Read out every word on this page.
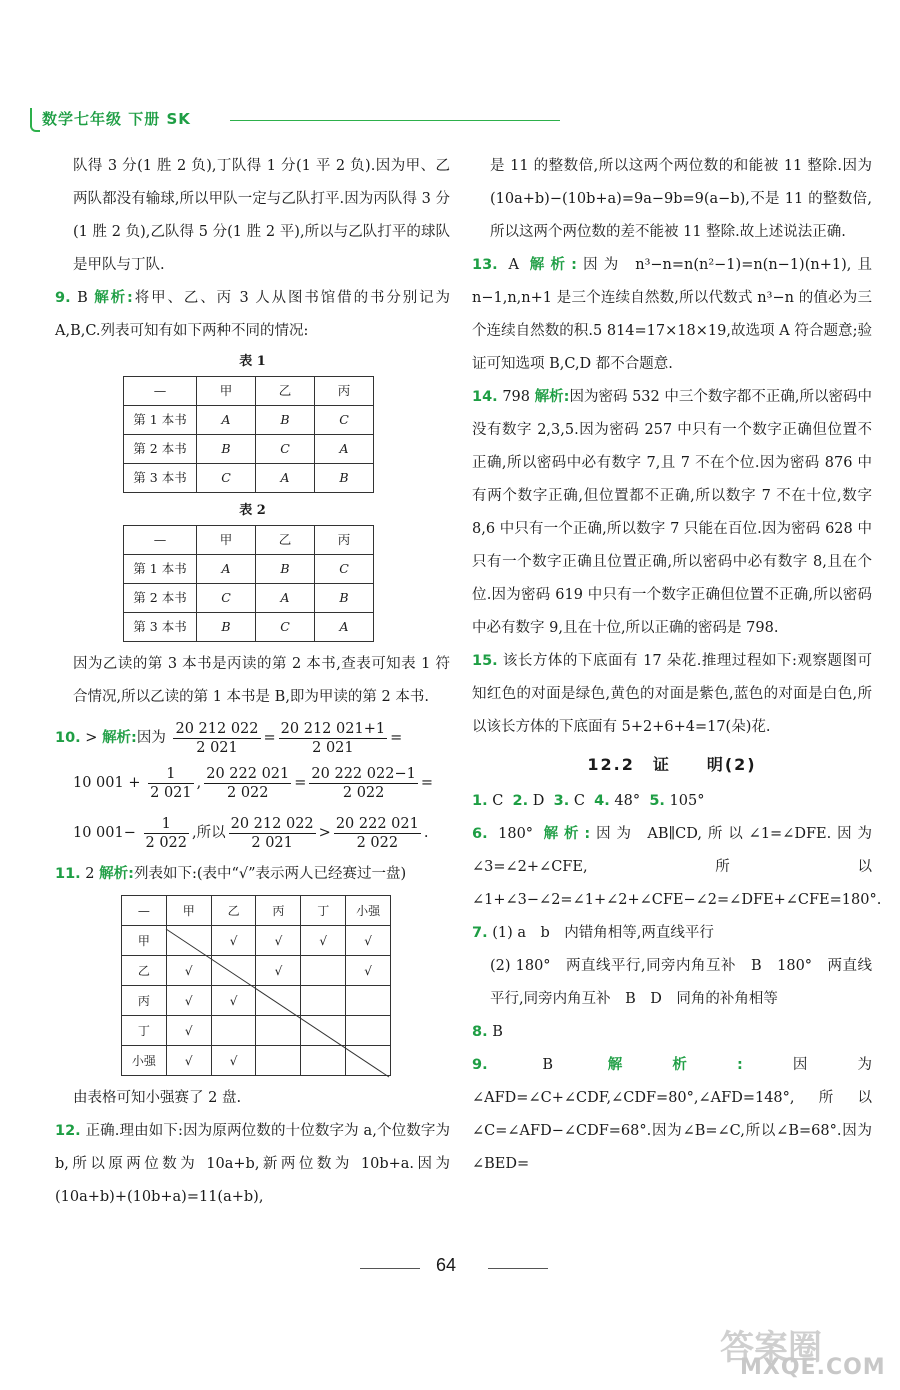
数学七年级 下册 SK

队得 3 分(1 胜 2 负),丁队得 1 分(1 平 2 负).因为甲、乙两队都没有输球,所以甲队一定与乙队打平.因为丙队得 3 分(1 胜 2 负),乙队得 5 分(1 胜 2 平),所以与乙队打平的球队是甲队与丁队.

9. B 解析:将甲、乙、丙 3 人从图书馆借的书分别记为 A,B,C.列表可知有如下两种不同的情况:

表 1
—	甲	乙	丙
第 1 本书	A	B	C
第 2 本书	B	C	A
第 3 本书	C	A	B
表 2
—	甲	乙	丙
第 1 本书	A	B	C
第 2 本书	C	A	B
第 3 本书	B	C	A

因为乙读的第 3 本书是丙读的第 2 本书,查表可知表 1 符合情况,所以乙读的第 1 本书是 B,即为甲读的第 2 本书.

10. > 解析:因为 $\frac{20 212 022}{2 021} = \frac{20 212 021+1}{2 021}$ =
10 $001 + \frac{1}{2 021}$ , $\frac{20 222 021}{2 022} = \frac{20 222 022-1}{2 022}$ =
10 $001- \frac{1}{2 022}$ ,所以 $\frac{20 212 022}{2 021} > \frac{20 222 021}{2 022}$ .

11. 2 解析:列表如下:(表中“√”表示两人已经赛过一盘)

—	甲	乙	丙	丁	小强
甲		√	√	√	√
乙	√		√		√
丙	√	√			
丁	√				
小强	√	√			

由表格可知小强赛了 2 盘.

12. 正确.理由如下:因为原两位数的十位数字为 a,个位数字为 b,所以原两位数为 10a+b,新两位数为 10b+a.因为(10a+b)+(10b+a)=11(a+b),

是 11 的整数倍,所以这两个两位数的和能被 11 整除.因为(10a+b)−(10b+a)=9a−9b=9(a−b),不是 11 的整数倍,所以这两个两位数的差不能被 11 整除.故上述说法正确.

13. A 解析:因为 n³−n=n(n²−1)=n(n−1)(n+1),且 n−1,n,n+1 是三个连续自然数,所以代数式 n³−n 的值必为三个连续自然数的积.5 814=17×18×19,故选项 A 符合题意;验证可知选项 B,C,D 都不合题意.

14. 798 解析:因为密码 532 中三个数字都不正确,所以密码中没有数字 2,3,5.因为密码 257 中只有一个数字正确但位置不正确,所以密码中必有数字 7,且 7 不在个位.因为密码 876 中有两个数字正确,但位置都不正确,所以数字 7 不在十位,数字 8,6 中只有一个正确,所以数字 7 只能在百位.因为密码 628 中只有一个数字正确且位置正确,所以密码中必有数字 8,且在个位.因为密码 619 中只有一个数字正确但位置不正确,所以密码中必有数字 9,且在十位,所以正确的密码是 798.

15. 该长方体的下底面有 17 朵花.推理过程如下:观察题图可知红色的对面是绿色,黄色的对面是紫色,蓝色的对面是白色,所以该长方体的下底面有 5+2+6+4=17(朵)花.

12.2　证　　明(2)

1. C 2. D 3. C 4. 48° 5. 105°

6. 180° 解析:因为 AB∥CD,所以∠1=∠DFE.因为∠3=∠2+∠CFE,所以∠1+∠3−∠2=∠1+∠2+∠CFE−∠2=∠DFE+∠CFE=180°.

7. (1) a　b　内错角相等,两直线平行

(2) 180°　两直线平行,同旁内角互补　B　180°　两直线平行,同旁内角互补　B　D　同角的补角相等

8. B

9.	B	解析:因为∠AFD=∠C+∠CDF,∠CDF=80°,∠AFD=148°,所以∠C=∠AFD−∠CDF=68°.因为∠B=∠C,所以∠B=68°.因为∠BED=

64
答案圈
MXQE.COM
